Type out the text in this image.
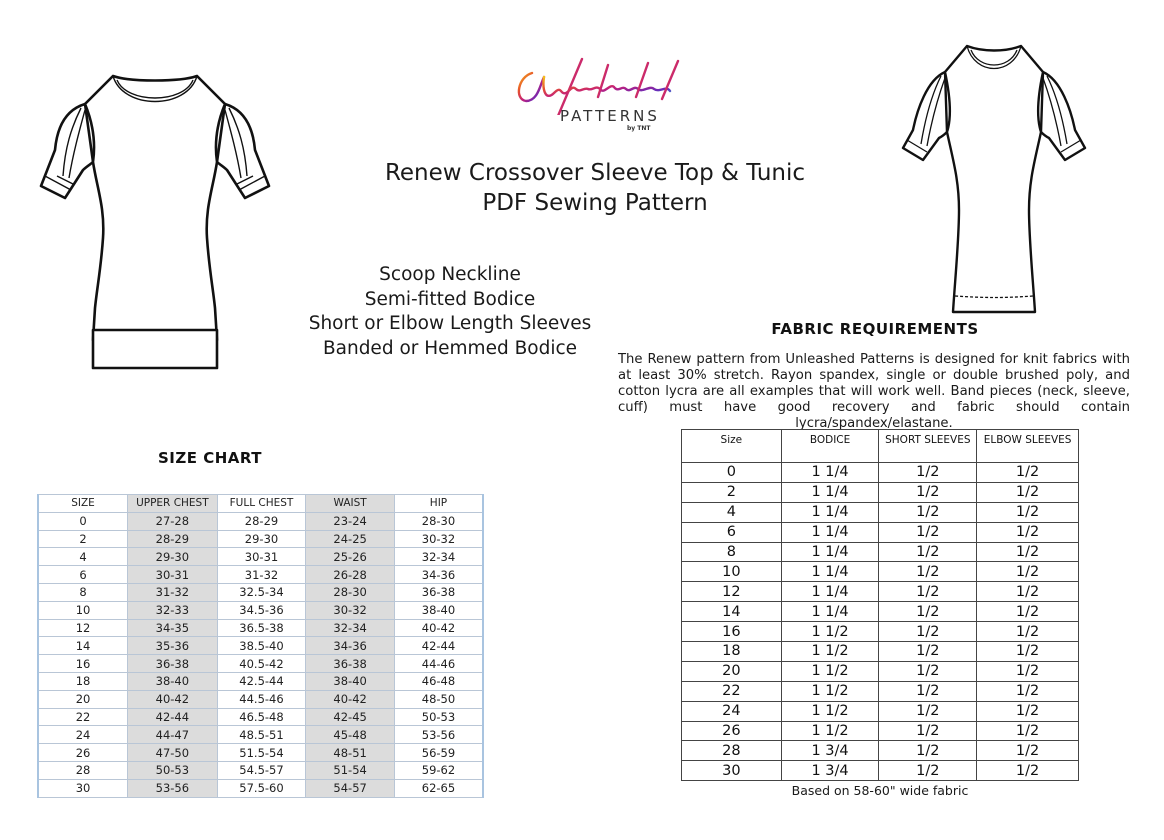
PATTERNS
by TNT
Renew Crossover Sleeve Top & Tunic
PDF Sewing Pattern
Scoop Neckline
Semi-fitted Bodice
Short or Elbow Length Sleeves
Banded or Hemmed Bodice
SIZE CHART
SIZE	UPPER CHEST	FULL CHEST	WAIST	HIP
0	27-28	28-29	23-24	28-30
2	28-29	29-30	24-25	30-32
4	29-30	30-31	25-26	32-34
6	30-31	31-32	26-28	34-36
8	31-32	32.5-34	28-30	36-38
10	32-33	34.5-36	30-32	38-40
12	34-35	36.5-38	32-34	40-42
14	35-36	38.5-40	34-36	42-44
16	36-38	40.5-42	36-38	44-46
18	38-40	42.5-44	38-40	46-48
20	40-42	44.5-46	40-42	48-50
22	42-44	46.5-48	42-45	50-53
24	44-47	48.5-51	45-48	53-56
26	47-50	51.5-54	48-51	56-59
28	50-53	54.5-57	51-54	59-62
30	53-56	57.5-60	54-57	62-65
FABRIC REQUIREMENTS
The Renew pattern from Unleashed Patterns is designed for knit fabrics with at least 30% stretch. Rayon spandex, single or double brushed poly, and cotton lycra are all examples that will work well. Band pieces (neck, sleeve, cuff) must have good recovery and fabric should contain lycra/spandex/elastane.
Size	BODICE	SHORT SLEEVES	ELBOW SLEEVES
0	1 1/4	1/2	1/2
2	1 1/4	1/2	1/2
4	1 1/4	1/2	1/2
6	1 1/4	1/2	1/2
8	1 1/4	1/2	1/2
10	1 1/4	1/2	1/2
12	1 1/4	1/2	1/2
14	1 1/4	1/2	1/2
16	1 1/2	1/2	1/2
18	1 1/2	1/2	1/2
20	1 1/2	1/2	1/2
22	1 1/2	1/2	1/2
24	1 1/2	1/2	1/2
26	1 1/2	1/2	1/2
28	1 3/4	1/2	1/2
30	1 3/4	1/2	1/2
Based on 58-60" wide fabric
